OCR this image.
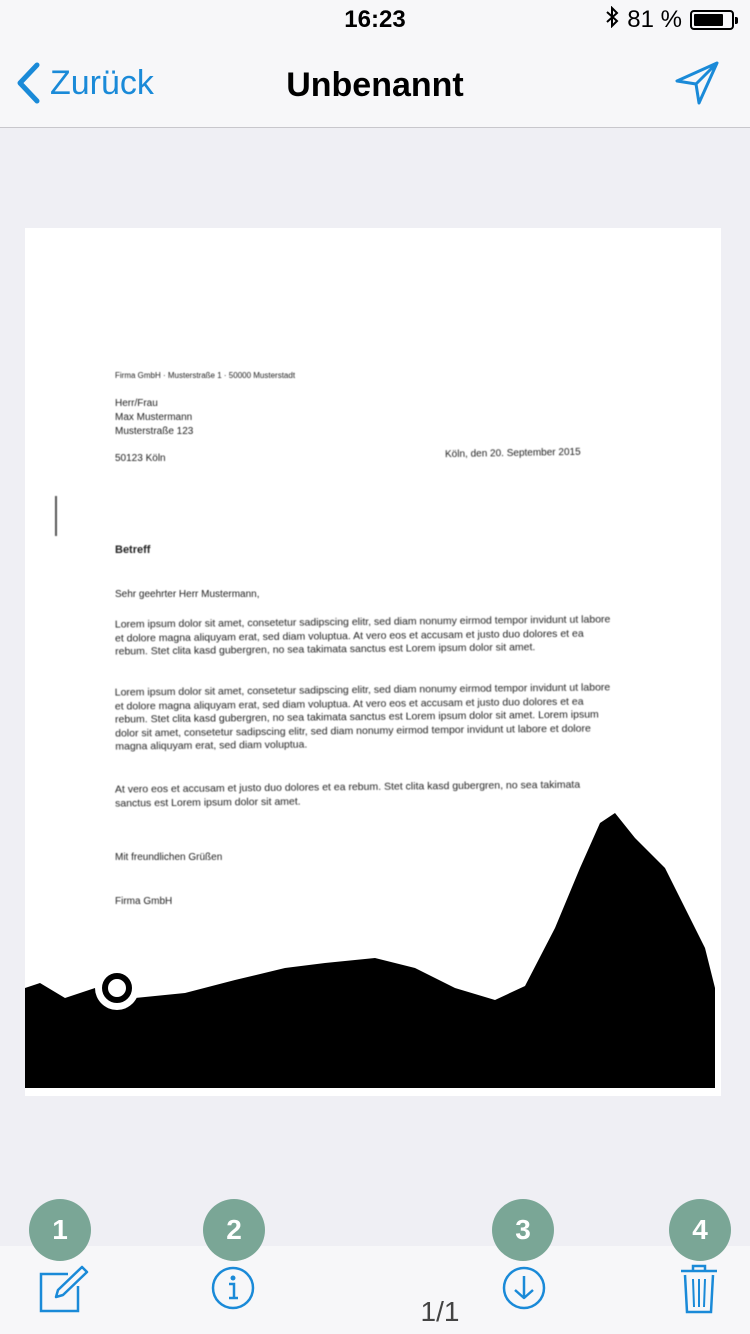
16:23	81 %
Zurück	Unbenannt
Firma GmbH · Musterstraße 1 · 50000 Musterstadt
Herr/Frau
Max Mustermann
Musterstraße 123
50123 Köln	Köln, den 20. September 2015
Betreff
Sehr geehrter Herr Mustermann,
Lorem ipsum dolor sit amet, consetetur sadipscing elitr, sed diam nonumy eirmod tempor invidunt ut labore et dolore magna aliquyam erat, sed diam voluptua. At vero eos et accusam et justo duo dolores et ea rebum. Stet clita kasd gubergren, no sea takimata sanctus est Lorem ipsum dolor sit amet.
Lorem ipsum dolor sit amet, consetetur sadipscing elitr, sed diam nonumy eirmod tempor invidunt ut labore et dolore magna aliquyam erat, sed diam voluptua. At vero eos et accusam et justo duo dolores et ea rebum. Stet clita kasd gubergren, no sea takimata sanctus est Lorem ipsum dolor sit amet. Lorem ipsum dolor sit amet, consetetur sadipscing elitr, sed diam nonumy eirmod tempor invidunt ut labore et dolore magna aliquyam erat, sed diam voluptua.
At vero eos et accusam et justo duo dolores et ea rebum. Stet clita kasd gubergren, no sea takimata sanctus est Lorem ipsum dolor sit amet.
Mit freundlichen Grüßen
Firma GmbH
1/1
1	2	3	4
